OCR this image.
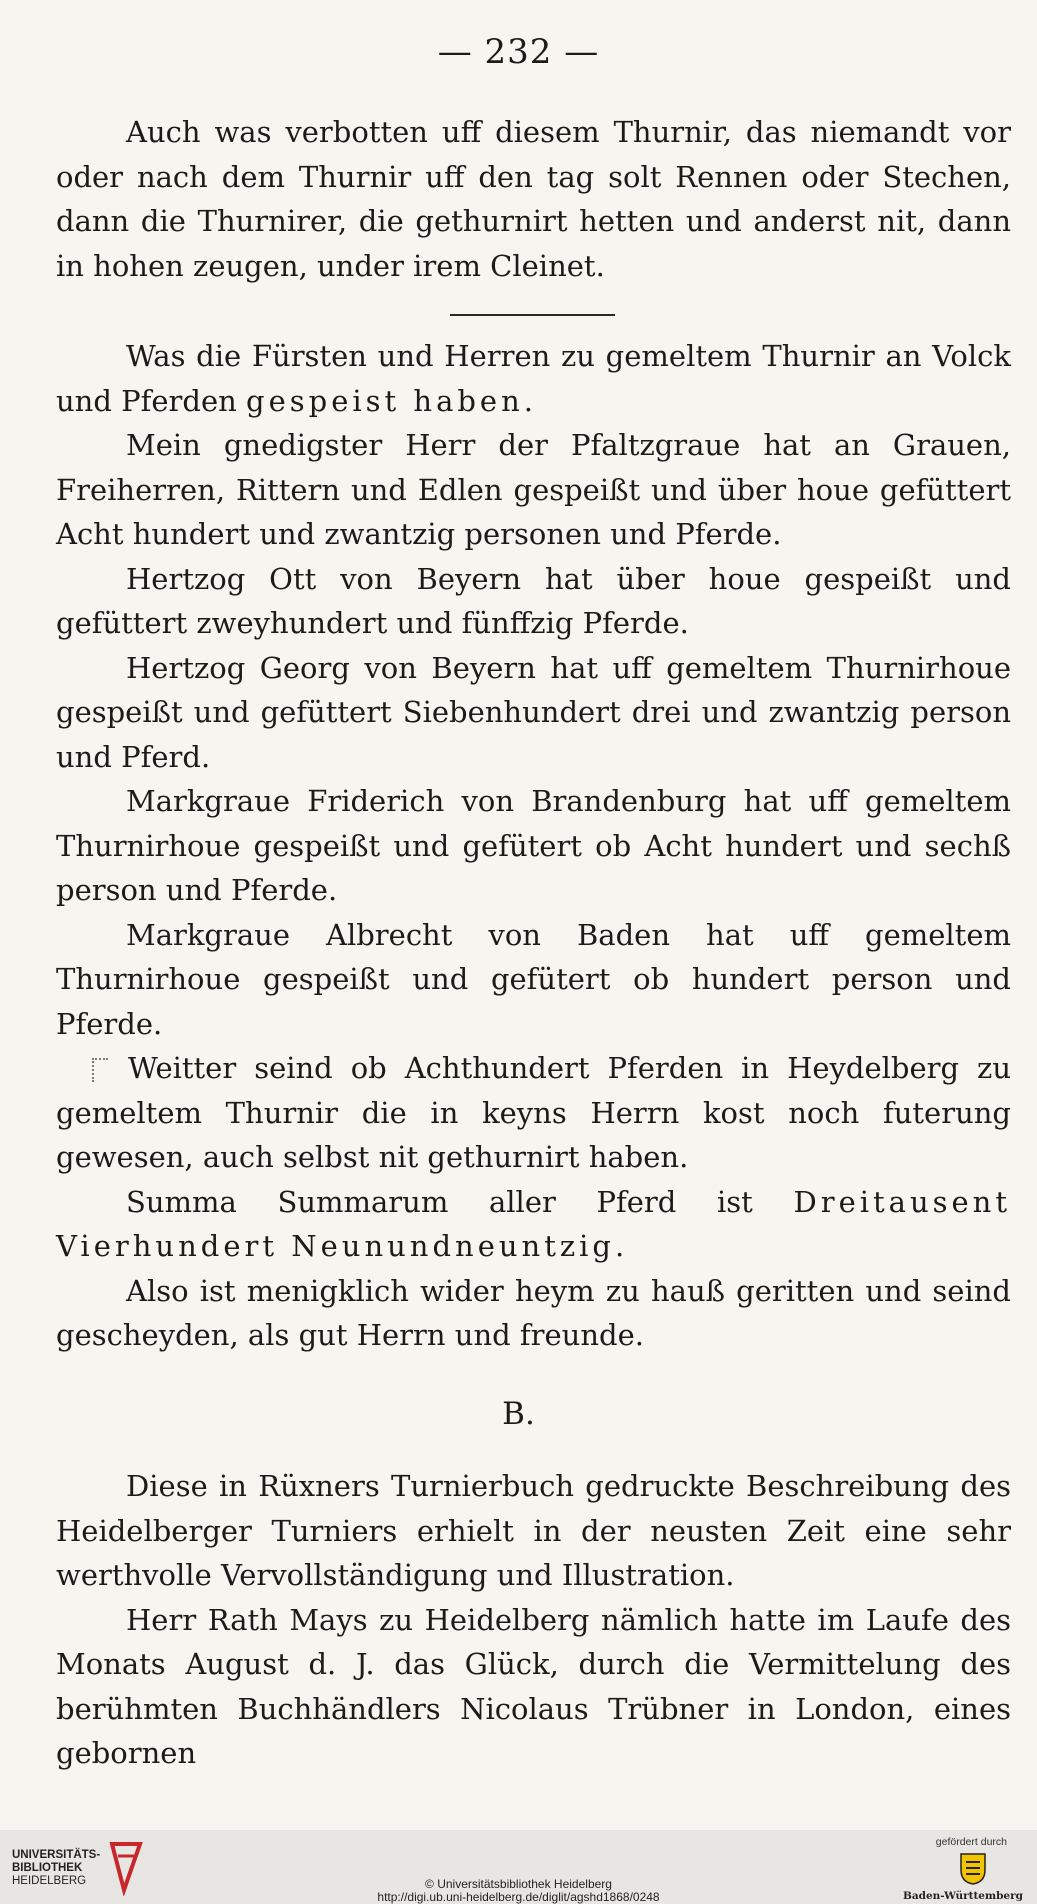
— 232 —

Auch was verbotten uff diesem Thurnir, das niemandt vor oder nach dem Thurnir uff den tag solt Rennen oder Stechen, dann die Thurnirer, die gethurnirt hetten und anderst nit, dann in hohen zeugen, under irem Cleinet.

Was die Fürsten und Herren zu gemeltem Thurnir an Volck und Pferden gespeist haben.

Mein gnedigster Herr der Pfaltzgraue hat an Grauen, Freiherren, Rittern und Edlen gespeißt und über houe gefüttert Acht hundert und zwantzig personen und Pferde.

Hertzog Ott von Beyern hat über houe gespeißt und gefüttert zweyhundert und fünffzig Pferde.

Hertzog Georg von Beyern hat uff gemeltem Thurnirhoue gespeißt und gefüttert Siebenhundert drei und zwantzig person und Pferd.

Markgraue Friderich von Brandenburg hat uff gemeltem Thurnirhoue gespeißt und gefütert ob Acht hundert und sechß person und Pferde.

Markgraue Albrecht von Baden hat uff gemeltem Thurnirhoue gespeißt und gefütert ob hundert person und Pferde.

Weitter seind ob Achthundert Pferden in Heydelberg zu gemeltem Thurnir die in keyns Herrn kost noch futerung gewesen, auch selbst nit gethurnirt haben.

Summa Summarum aller Pferd ist Dreitausent Vierhundert Neunundneuntzig.

Also ist menigklich wider heym zu hauß geritten und seind gescheyden, als gut Herrn und freunde.

B.

Diese in Rüxners Turnierbuch gedruckte Beschreibung des Heidelberger Turniers erhielt in der neusten Zeit eine sehr werthvolle Vervollständigung und Illustration.

Herr Rath Mays zu Heidelberg nämlich hatte im Laufe des Monats August d. J. das Glück, durch die Vermittelung des berühmten Buchhändlers Nicolaus Trübner in London, eines gebornen

UNIVERSITÄTS-
BIBLIOTHEK
HEIDELBERG	© Universitätsbibliothek Heidelberg
http://digi.ub.uni-heidelberg.de/diglit/agshd1868/0248
gefördert durch
Baden-Württemberg
